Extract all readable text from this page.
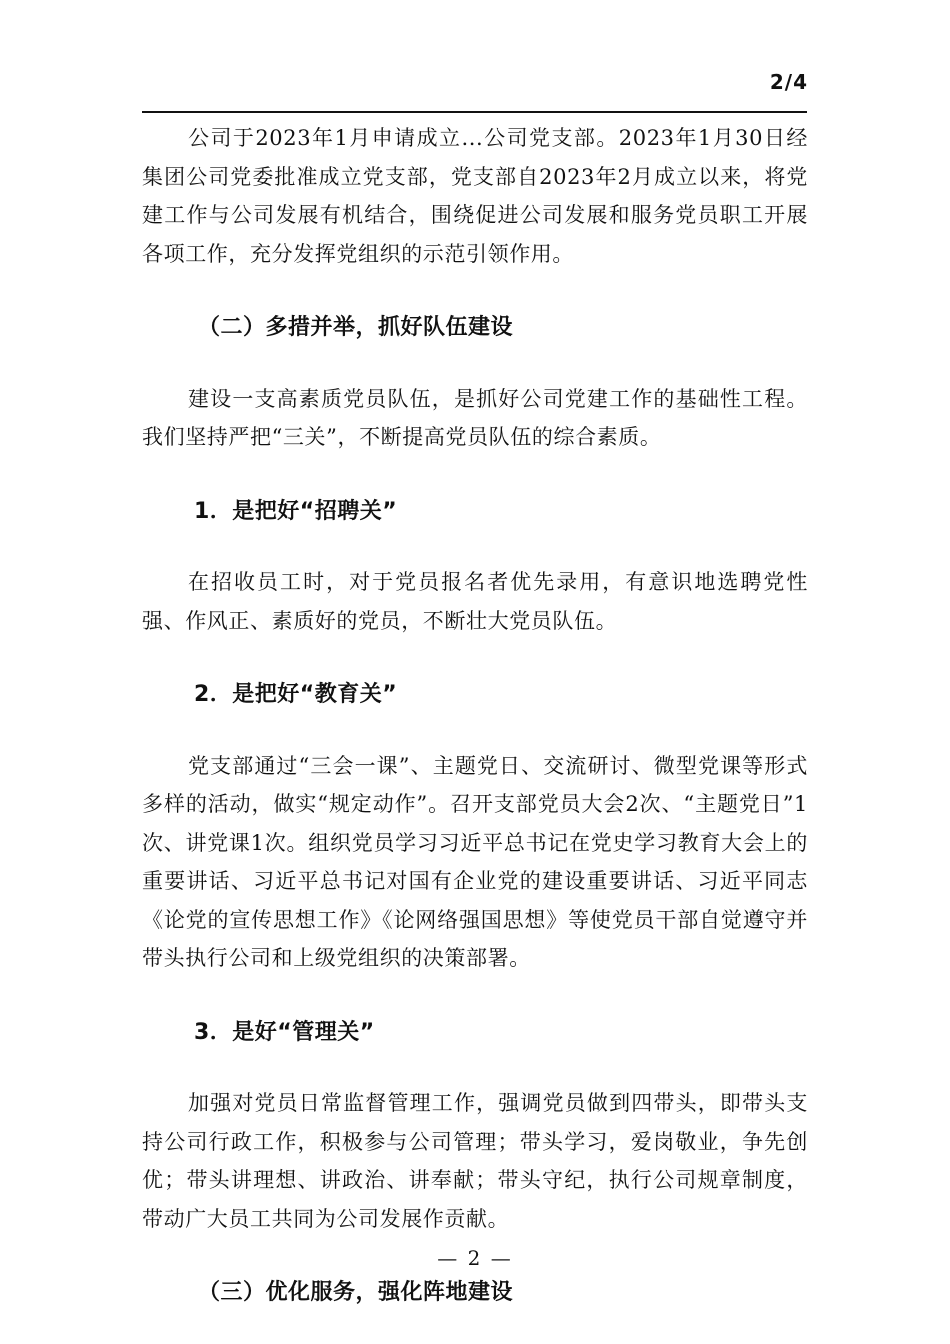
2/4

公司于2023年1月申请成立...公司党支部。2023年1月30日经集团公司党委批准成立党支部，党支部自2023年2月成立以来，将党建工作与公司发展有机结合，围绕促进公司发展和服务党员职工开展各项工作，充分发挥党组织的示范引领作用。

（二）多措并举，抓好队伍建设

建设一支高素质党员队伍，是抓好公司党建工作的基础性工程。我们坚持严把“三关”，不断提高党员队伍的综合素质。

1．是把好“招聘关”

在招收员工时，对于党员报名者优先录用，有意识地选聘党性强、作风正、素质好的党员，不断壮大党员队伍。

2．是把好“教育关”

党支部通过“三会一课”、主题党日、交流研讨、微型党课等形式多样的活动，做实“规定动作”。召开支部党员大会2次、“主题党日”1次、讲党课1次。组织党员学习习近平总书记在党史学习教育大会上的重要讲话、习近平总书记对国有企业党的建设重要讲话、习近平同志《论党的宣传思想工作》《论网络强国思想》等使党员干部自觉遵守并带头执行公司和上级党组织的决策部署。

3．是好“管理关”

加强对党员日常监督管理工作，强调党员做到四带头，即带头支持公司行政工作，积极参与公司管理；带头学习，爱岗敬业，争先创优；带头讲理想、讲政治、讲奉献；带头守纪，执行公司规章制度，带动广大员工共同为公司发展作贡献。

（三）优化服务，强化阵地建设
— 2 —
